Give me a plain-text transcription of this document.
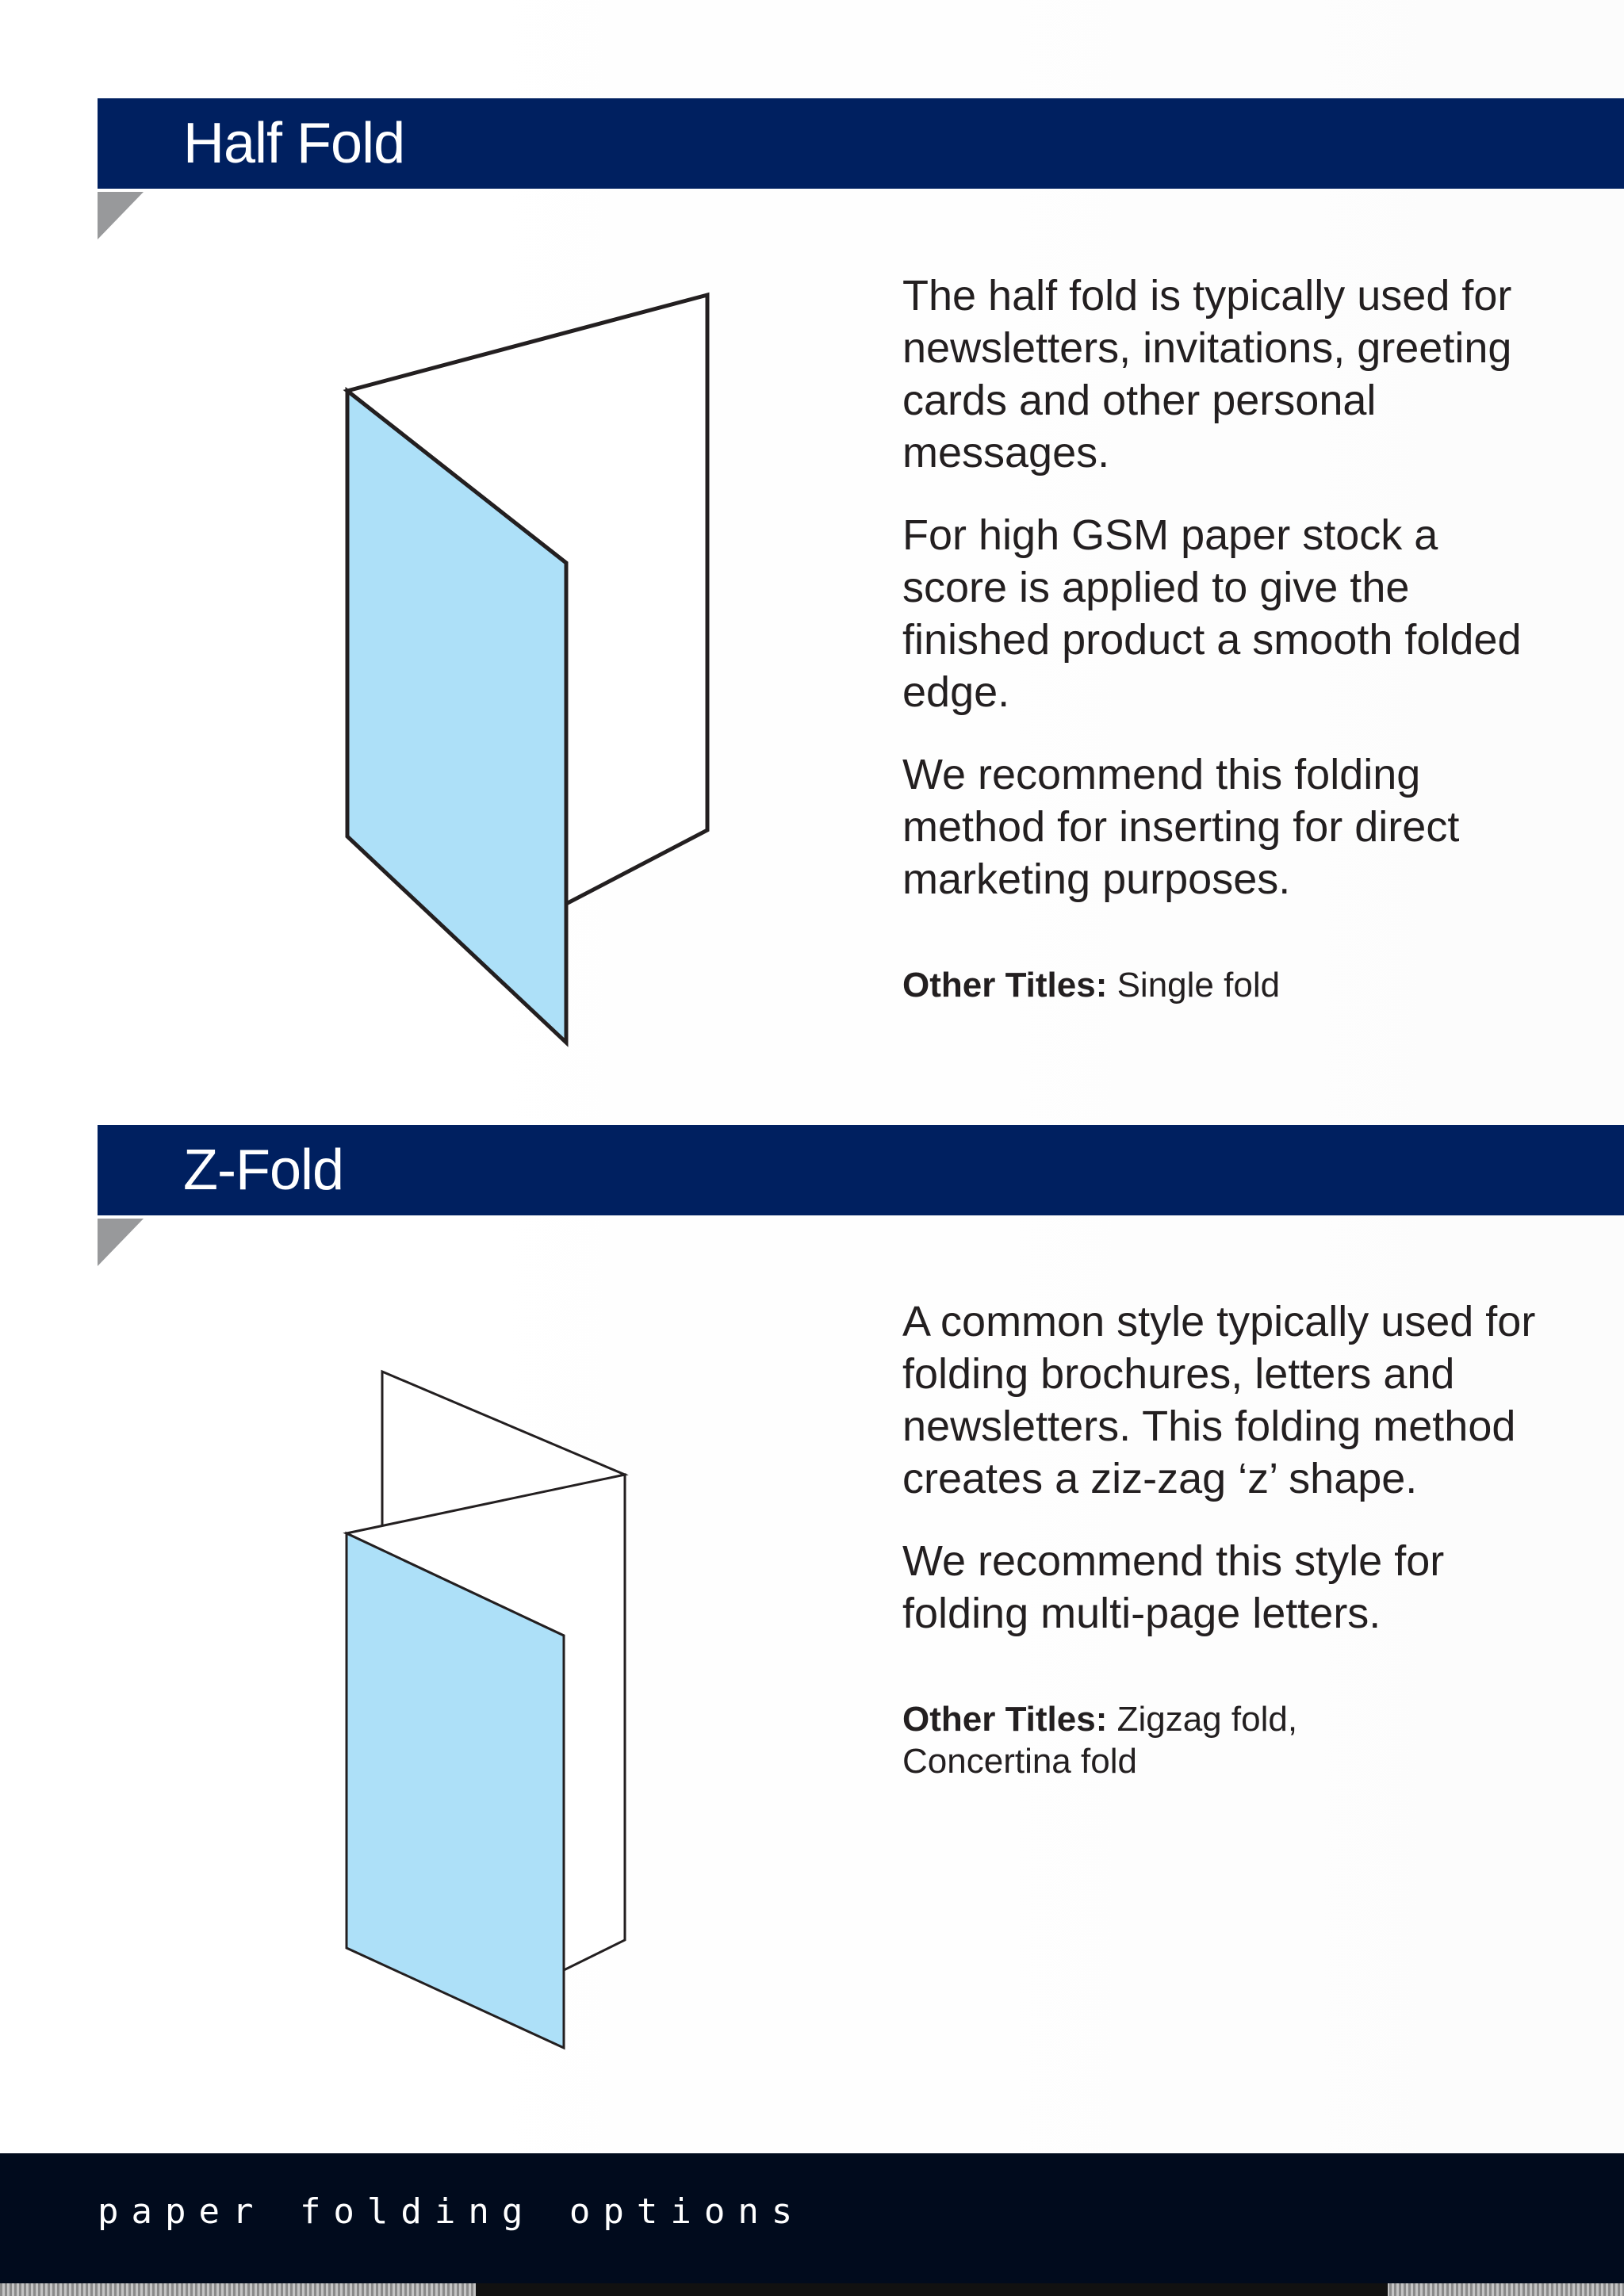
Half Fold

The half fold is typically used for newsletters, invitations, greeting cards and other personal messages.

For high GSM paper stock a score is applied to give the finished product a smooth folded edge.

We recommend this folding method for inserting for direct marketing purposes.

Other Titles: Single fold
Z-Fold

A common style typically used for folding brochures, letters and newsletters. This folding method creates a ziz-zag ‘z’ shape.

We recommend this style for folding multi-page letters.

Other Titles: Zigzag fold, Concertina fold
paper folding options
